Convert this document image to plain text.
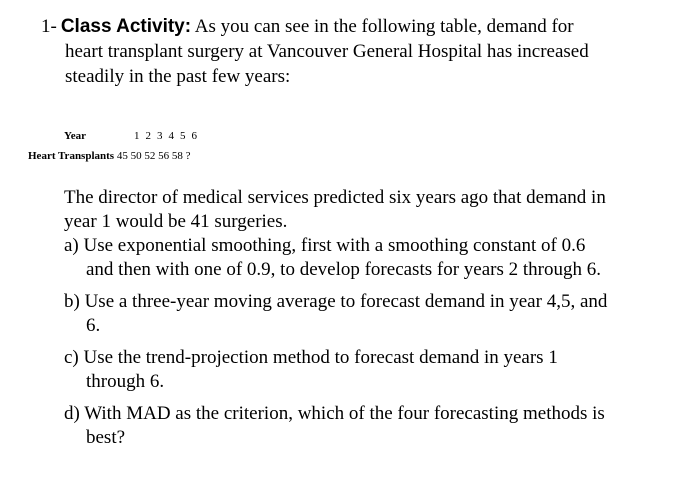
1- Class Activity: As you can see in the following table, demand for
heart transplant surgery at Vancouver General Hospital has increased
steadily in the past few years:
Year	1 2 3 4 5 6
Heart Transplants 45 50 52 56 58 ?
The director of medical services predicted six years ago that demand in
year 1 would be 41 surgeries.
a) Use exponential smoothing, first with a smoothing constant of 0.6
and then with one of 0.9, to develop forecasts for years 2 through 6.
b) Use a three-year moving average to forecast demand in year 4,5, and
6.
c) Use the trend-projection method to forecast demand in years 1
through 6.
d) With MAD as the criterion, which of the four forecasting methods is
best?
